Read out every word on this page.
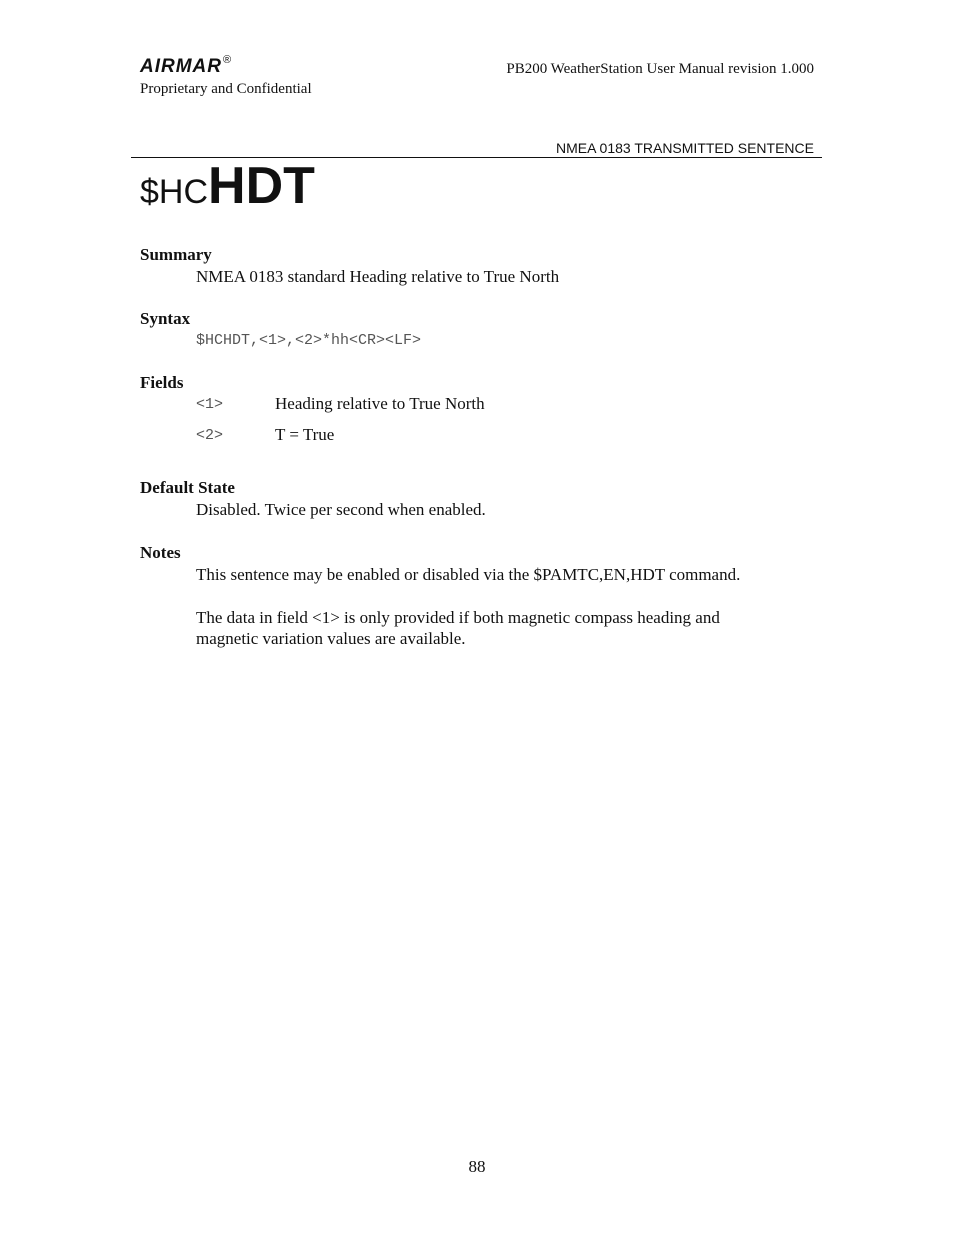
AIRMAR®
Proprietary and Confidential
PB200 WeatherStation User Manual revision 1.000
NMEA 0183 TRANSMITTED SENTENCE
$HCHDT
Summary
NMEA 0183 standard Heading relative to True North
Syntax
$HCHDT,<1>,<2>*hh<CR><LF>
Fields
<1>	Heading relative to True North
<2>	T = True
Default State
Disabled. Twice per second when enabled.
Notes
This sentence may be enabled or disabled via the $PAMTC,EN,HDT command.
The data in field <1> is only provided if both magnetic compass heading and
magnetic variation values are available.
88
